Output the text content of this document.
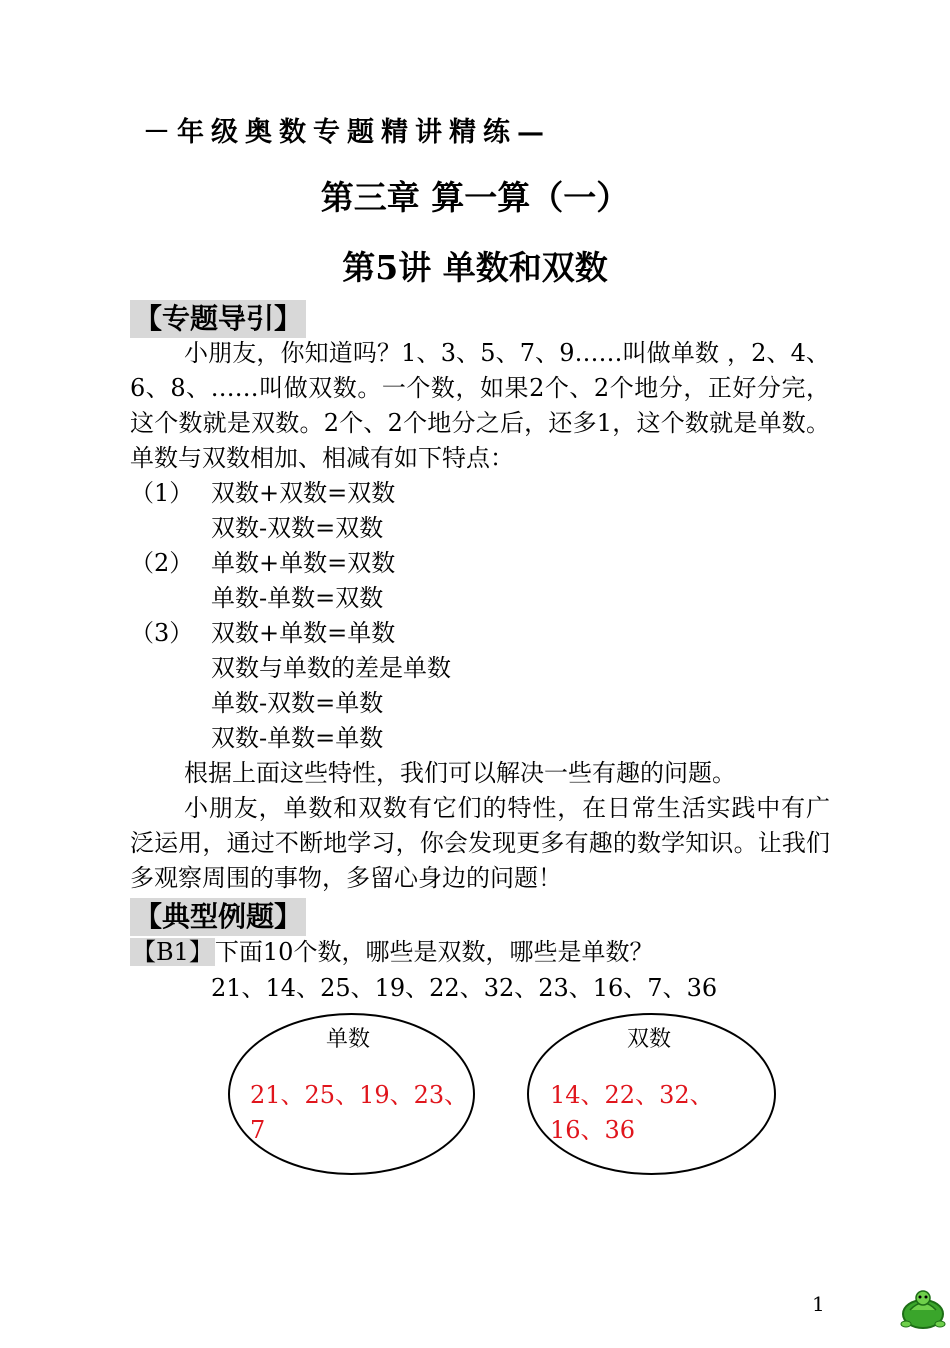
－年级奥数专题精讲精练—
第三章 算一算（一）
第5讲 单数和双数
【专题导引】
小朋友，你知道吗？1、3、5、7、9……叫做单数 ，2、4、6、8、……叫做双数。一个数，如果2个、2个地分，正好分完，这个数就是双数。2个、2个地分之后，还多1，这个数就是单数。单数与双数相加、相减有如下特点：
（1） 双数+双数=双数
双数-双数=双数
（2） 单数+单数=双数
单数-单数=双数
（3） 双数+单数=单数
双数与单数的差是单数
单数-双数=单数
双数-单数=单数
根据上面这些特性，我们可以解决一些有趣的问题。
小朋友，单数和双数有它们的特性，在日常生活实践中有广泛运用，通过不断地学习，你会发现更多有趣的数学知识。让我们多观察周围的事物，多留心身边的问题！
【典型例题】
【B1】下面10个数，哪些是双数，哪些是单数？
21、14、25、19、22、32、23、16、7、36
单数
21、25、19、23、7
双数
14、22、32、16、36
1
